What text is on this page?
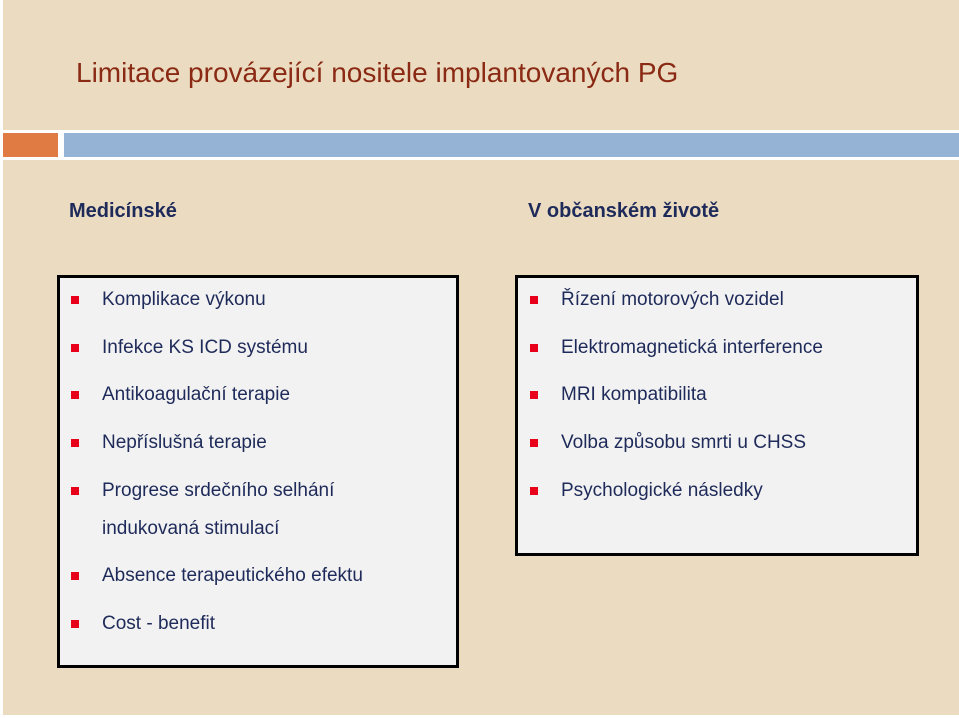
Limitace provázející nositele implantovaných PG
Medicínské	V občanském životě
Komplikace výkonu
Infekce KS ICD systému
Antikoagulační terapie
Nepříslušná terapie
Progrese srdečního selhání
indukovaná stimulací
Absence terapeutického efektu
Cost - benefit
Řízení motorových vozidel
Elektromagnetická interference
MRI kompatibilita
Volba způsobu smrti u CHSS
Psychologické následky
